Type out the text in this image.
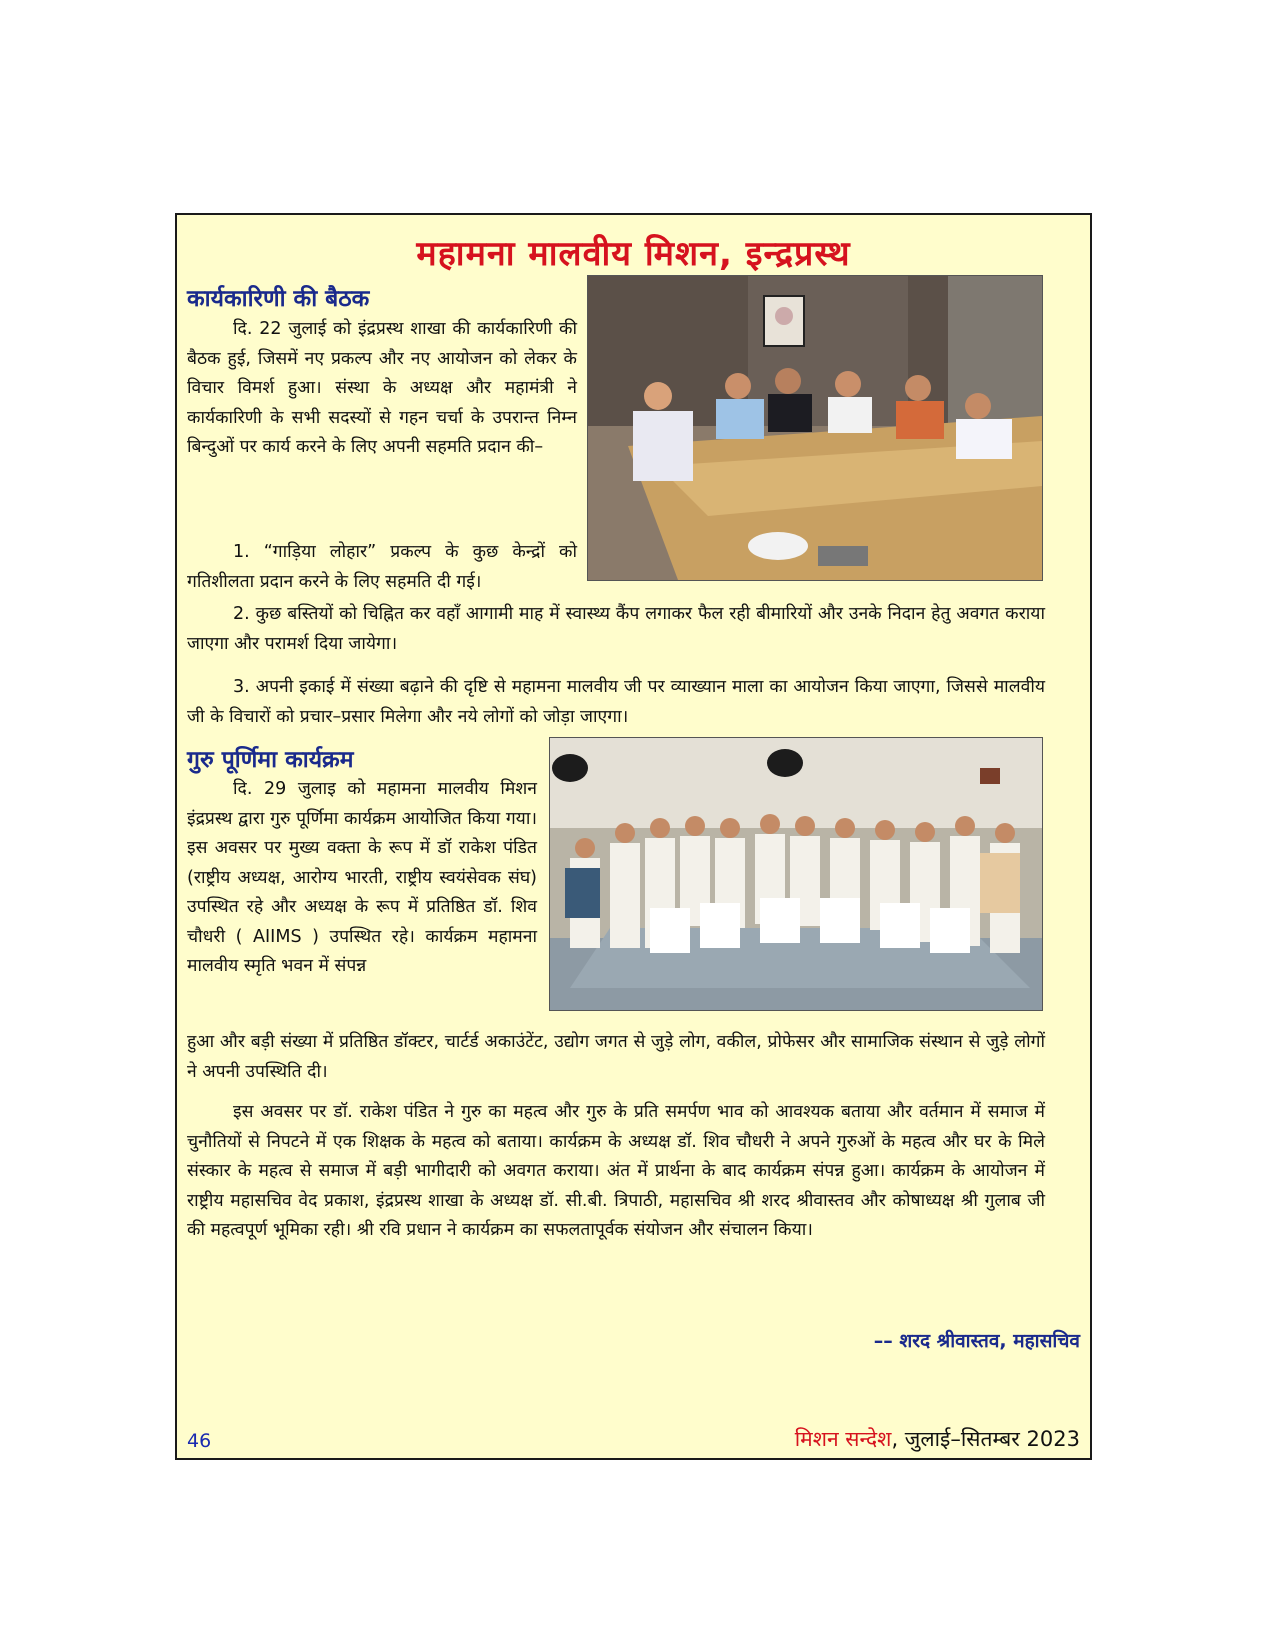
महामना मालवीय मिशन, इन्द्रप्रस्थ
कार्यकारिणी की बैठक

दि. 22 जुलाई को इंद्रप्रस्थ शाखा की कार्यकारिणी की बैठक हुई, जिसमें नए प्रकल्प और नए आयोजन को लेकर के विचार विमर्श हुआ। संस्था के अध्यक्ष और महामंत्री ने कार्यकारिणी के सभी सदस्यों से गहन चर्चा के उपरान्त निम्न बिन्दुओं पर कार्य करने के लिए अपनी सहमति प्रदान की–

1. “गाड़िया लोहार” प्रकल्प के कुछ केन्द्रों को गतिशीलता प्रदान करने के लिए सहमति दी गई।

2. कुछ बस्तियों को चिह्नित कर वहाँ आगामी माह में स्वास्थ्य कैंप लगाकर फैल रही बीमारियों और उनके निदान हेतु अवगत कराया जाएगा और परामर्श दिया जायेगा।

3. अपनी इकाई में संख्या बढ़ाने की दृष्टि से महामना मालवीय जी पर व्याख्यान माला का आयोजन किया जाएगा, जिससे मालवीय जी के विचारों को प्रचार–प्रसार मिलेगा और नये लोगों को जोड़ा जाएगा।

गुरु पूर्णिमा कार्यक्रम

दि. 29 जुलाइ को महामना मालवीय मिशन इंद्रप्रस्थ द्वारा गुरु पूर्णिमा कार्यक्रम आयोजित किया गया। इस अवसर पर मुख्य वक्ता के रूप में डॉ राकेश पंडित (राष्ट्रीय अध्यक्ष, आरोग्य भारती, राष्ट्रीय स्वयंसेवक संघ) उपस्थित रहे और अध्यक्ष के रूप में प्रतिष्ठित डॉ. शिव चौधरी ( AIIMS ) उपस्थित रहे। कार्यक्रम महामना मालवीय स्मृति भवन में संपन्न

हुआ और बड़ी संख्या में प्रतिष्ठित डॉक्टर, चार्टर्ड अकाउंटेंट, उद्योग जगत से जुड़े लोग, वकील, प्रोफेसर और सामाजिक संस्थान से जुड़े लोगों ने अपनी उपस्थिति दी।

इस अवसर पर डॉ. राकेश पंडित ने गुरु का महत्व और गुरु के प्रति समर्पण भाव को आवश्यक बताया और वर्तमान में समाज में चुनौतियों से निपटने में एक शिक्षक के महत्व को बताया। कार्यक्रम के अध्यक्ष डॉ. शिव चौधरी ने अपने गुरुओं के महत्व और घर के मिले संस्कार के महत्व से समाज में बड़ी भागीदारी को अवगत कराया। अंत में प्रार्थना के बाद कार्यक्रम संपन्न हुआ। कार्यक्रम के आयोजन में राष्ट्रीय महासचिव वेद प्रकाश, इंद्रप्रस्थ शाखा के अध्यक्ष डॉ. सी.बी. त्रिपाठी, महासचिव श्री शरद श्रीवास्तव और कोषाध्यक्ष श्री गुलाब जी की महत्वपूर्ण भूमिका रही। श्री रवि प्रधान ने कार्यक्रम का सफलतापूर्वक संयोजन और संचालन किया।

–– शरद श्रीवास्तव, महासचिव
46	मिशन सन्देश, जुलाई–सितम्बर 2023
